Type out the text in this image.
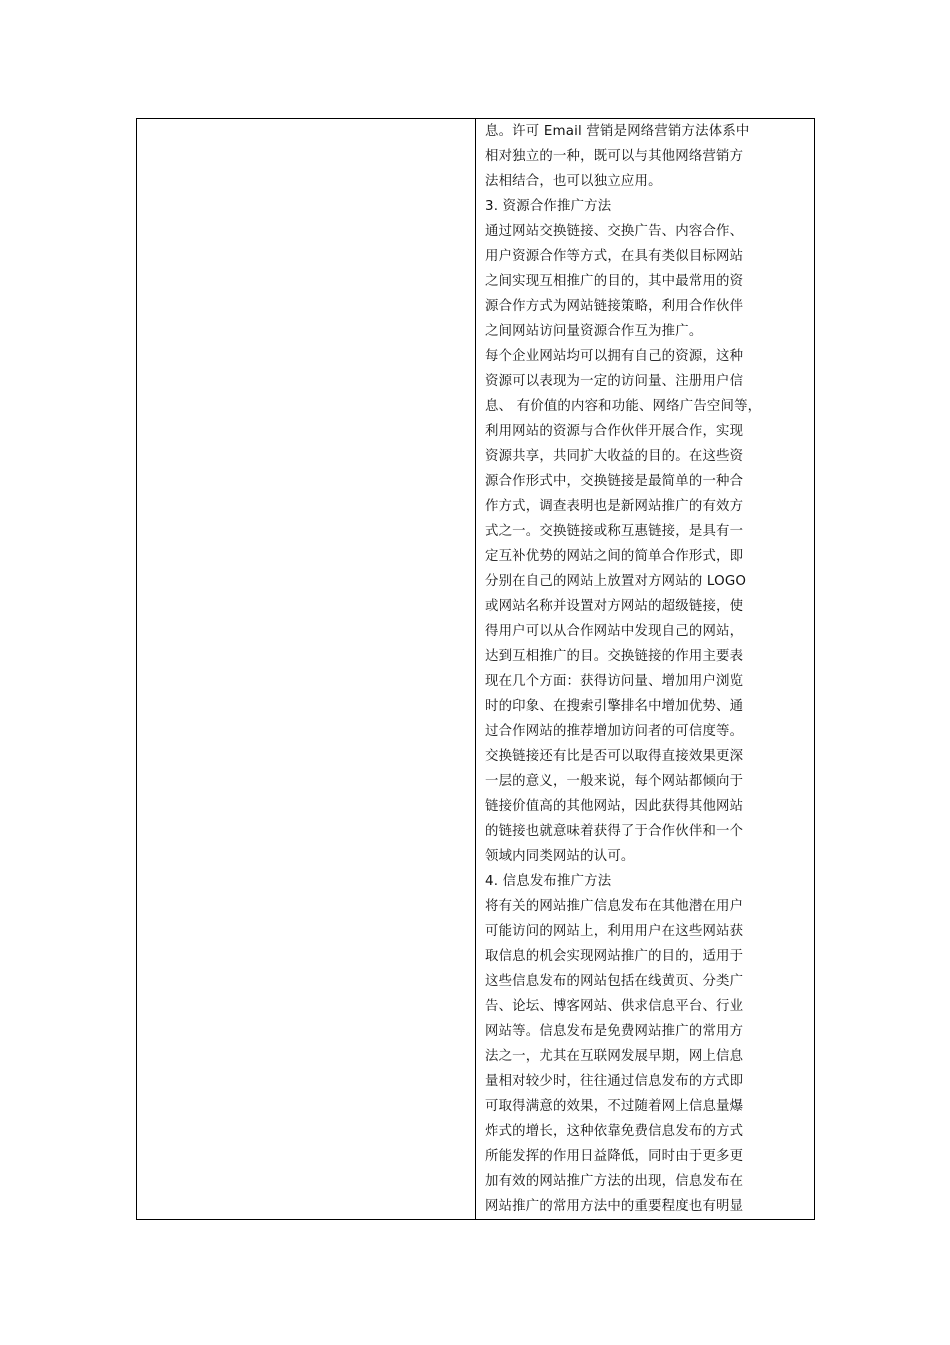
息。许可 Email 营销是网络营销方法体系中
相对独立的一种，既可以与其他网络营销方
法相结合，也可以独立应用。
3. 资源合作推广方法
通过网站交换链接、交换广告、内容合作、
用户资源合作等方式，在具有类似目标网站
之间实现互相推广的目的，其中最常用的资
源合作方式为网站链接策略，利用合作伙伴
之间网站访问量资源合作互为推广。
每个企业网站均可以拥有自己的资源，这种
资源可以表现为一定的访问量、注册用户信
息、 有价值的内容和功能、网络广告空间等，
利用网站的资源与合作伙伴开展合作，实现
资源共享，共同扩大收益的目的。在这些资
源合作形式中，交换链接是最简单的一种合
作方式，调查表明也是新网站推广的有效方
式之一。交换链接或称互惠链接，是具有一
定互补优势的网站之间的简单合作形式，即
分别在自己的网站上放置对方网站的 LOGO
或网站名称并设置对方网站的超级链接，使
得用户可以从合作网站中发现自己的网站，
达到互相推广的目。交换链接的作用主要表
现在几个方面：获得访问量、增加用户浏览
时的印象、在搜索引擎排名中增加优势、通
过合作网站的推荐增加访问者的可信度等。
交换链接还有比是否可以取得直接效果更深
一层的意义，一般来说，每个网站都倾向于
链接价值高的其他网站，因此获得其他网站
的链接也就意味着获得了于合作伙伴和一个
领域内同类网站的认可。
4. 信息发布推广方法
将有关的网站推广信息发布在其他潜在用户
可能访问的网站上，利用用户在这些网站获
取信息的机会实现网站推广的目的，适用于
这些信息发布的网站包括在线黄页、分类广
告、论坛、博客网站、供求信息平台、行业
网站等。信息发布是免费网站推广的常用方
法之一，尤其在互联网发展早期，网上信息
量相对较少时，往往通过信息发布的方式即
可取得满意的效果，不过随着网上信息量爆
炸式的增长，这种依靠免费信息发布的方式
所能发挥的作用日益降低，同时由于更多更
加有效的网站推广方法的出现，信息发布在
网站推广的常用方法中的重要程度也有明显
